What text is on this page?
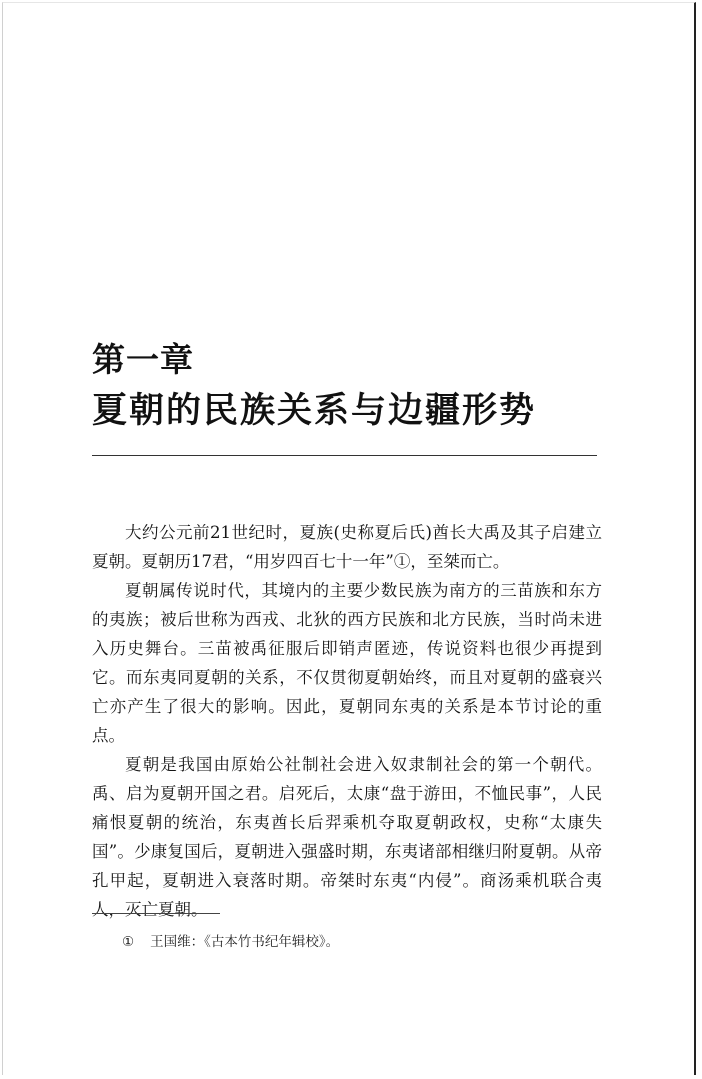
第一章
夏朝的民族关系与边疆形势

大约公元前21世纪时，夏族(史称夏后氏)酋长大禹及其子启建立夏朝。夏朝历17君，“用岁四百七十一年”①，至桀而亡。

夏朝属传说时代，其境内的主要少数民族为南方的三苗族和东方的夷族；被后世称为西戎、北狄的西方民族和北方民族，当时尚未进入历史舞台。三苗被禹征服后即销声匿迹，传说资料也很少再提到它。而东夷同夏朝的关系，不仅贯彻夏朝始终，而且对夏朝的盛衰兴亡亦产生了很大的影响。因此，夏朝同东夷的关系是本节讨论的重点。

夏朝是我国由原始公社制社会进入奴隶制社会的第一个朝代。禹、启为夏朝开国之君。启死后，太康“盘于游田，不恤民事”，人民痛恨夏朝的统治，东夷酋长后羿乘机夺取夏朝政权，史称“太康失国”。少康复国后，夏朝进入强盛时期，东夷诸部相继归附夏朝。从帝孔甲起，夏朝进入衰落时期。帝桀时东夷“内侵”。商汤乘机联合夷人，灭亡夏朝。

① 王国维：《古本竹书纪年辑校》。
